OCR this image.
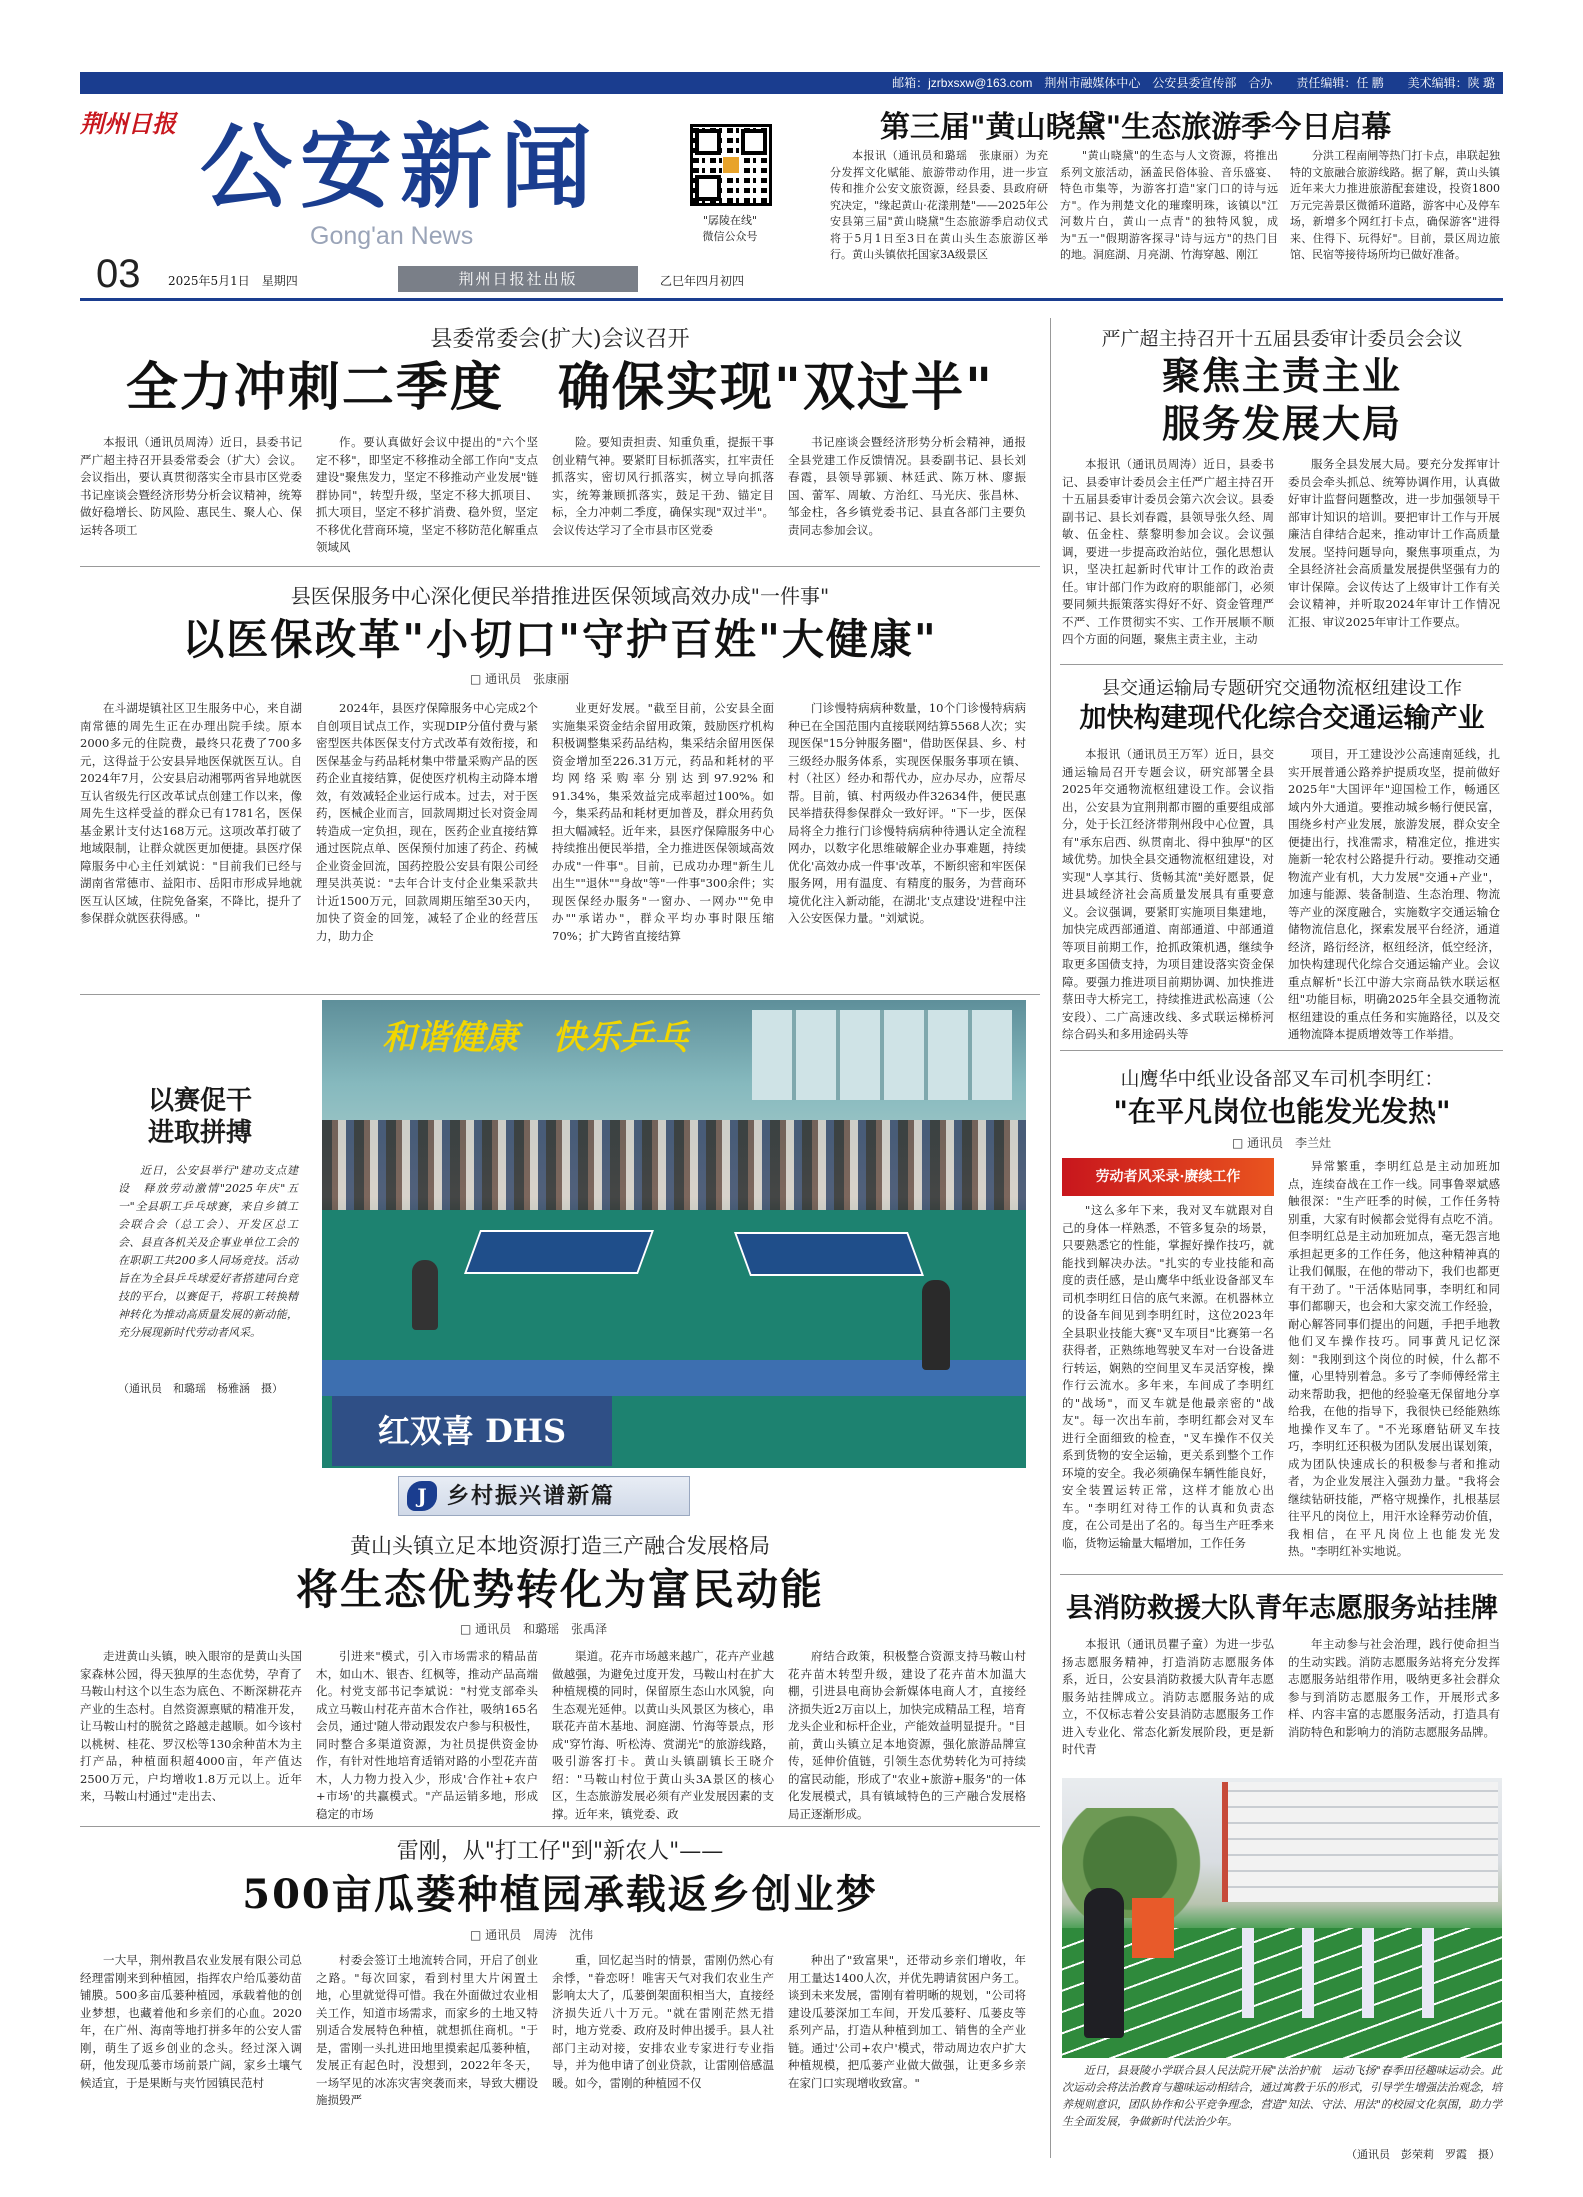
邮箱：jzrbxsxw@163.com　荆州市融媒体中心　公安县委宣传部　合办　　责任编辑：任 鹏　　美术编辑：陕 璐
荆州日报 公安新闻
Gong'an News
"孱陵在线"
微信公众号
03	2025年5月1日　星期四	荆州日报社出版	乙巳年四月初四
第三届"黄山晓黛"生态旅游季今日启幕
本报讯（通讯员和璐瑶　张康丽）为充分发挥文化赋能、旅游带动作用，进一步宣传和推介公安文旅资源，经县委、县政府研究决定，"缘起黄山·花漾荆楚"——2025年公安县第三届"黄山晓黛"生态旅游季启动仪式将于5月1日至3日在黄山头生态旅游区举行。黄山头镇依托国家3A级景区
"黄山晓黛"的生态与人文资源，将推出系列文旅活动，涵盖民俗体验、音乐盛宴、特色市集等，为游客打造"家门口的诗与远方"。作为荆楚文化的璀璨明珠，该镇以"江河数片白，黄山一点青"的独特风貌，成为"五一"假期游客探寻"诗与远方"的热门目的地。洞庭湖、月亮湖、竹海穿越、刚江
分洪工程南闸等热门打卡点，串联起独特的文旅融合旅游线路。据了解，黄山头镇近年来大力推进旅游配套建设，投资1800万元完善景区微循环道路，游客中心及停车场，新增多个网红打卡点，确保游客"进得来、住得下、玩得好"。目前，景区周边旅馆、民宿等接待场所均已做好准备。
县委常委会(扩大)会议召开
全力冲刺二季度　确保实现"双过半"
本报讯（通讯员周涛）近日，县委书记严广超主持召开县委常委会（扩大）会议。会议指出，要认真贯彻落实全市县市区党委书记座谈会暨经济形势分析会议精神，统筹做好稳增长、防风险、惠民生、聚人心、保运转各项工
作。要认真做好会议中提出的"六个坚定不移"，即坚定不移推动全部工作向"支点建设"聚焦发力，坚定不移推动产业发展"链群协同"，转型升级，坚定不移大抓项目、抓大项目，坚定不移扩消费、稳外贸，坚定不移优化营商环境，坚定不移防范化解重点领域风
险。要知责担责、知重负重，提振干事创业精气神。要紧盯目标抓落实，扛牢责任抓落实，密切风行抓落实，树立导向抓落实，统筹兼顾抓落实，鼓足干劲、锚定目标，全力冲刺二季度，确保实现"双过半"。会议传达学习了全市县市区党委
书记座谈会暨经济形势分析会精神，通报全县党建工作反馈情况。县委副书记、县长刘春霞，县领导郭颍、林廷武、陈万林、廖振国、蕾军、周敏、方治红、马光庆、张昌林、邹金柱，各乡镇党委书记、县直各部门主要负责同志参加会议。
严广超主持召开十五届县委审计委员会会议
聚焦主责主业
服务发展大局
本报讯（通讯员周涛）近日，县委书记、县委审计委员会主任严广超主持召开十五届县委审计委员会第六次会议。县委副书记、县长刘春霞，县领导张久经、周敏、伍金柱、蔡黎明参加会议。会议强调，要进一步提高政治站位，强化思想认识，坚决扛起新时代审计工作的政治责任。审计部门作为政府的职能部门，必须要同频共振策落实得好不好、资金管理严不严、工作贯彻实不实、工作开展顺不顺四个方面的问题，聚焦主责主业，主动
服务全县发展大局。要充分发挥审计委员会牵头抓总、统筹协调作用，认真做好审计监督问题整改，进一步加强领导干部审计知识的培训。要把审计工作与开展廉洁自律结合起来，推动审计工作高质量发展。坚持问题导向，聚焦事项重点，为全县经济社会高质量发展提供坚强有力的审计保障。会议传达了上级审计工作有关会议精神，并听取2024年审计工作情况汇报、审议2025年审计工作要点。
县医保服务中心深化便民举措推进医保领域高效办成"一件事"
以医保改革"小切口"守护百姓"大健康"
□ 通讯员　张康丽
在斗湖堤镇社区卫生服务中心，来自湖南常德的周先生正在办理出院手续。原本2000多元的住院费，最终只花费了700多元，这得益于公安县异地医保就医互认。自2024年7月，公安县启动湘鄂两省异地就医互认省级先行区改革试点创建工作以来，像周先生这样受益的群众已有1781名，医保基金累计支付达168万元。这项改革打破了地域限制，让群众就医更加便捷。县医疗保障服务中心主任刘斌说："目前我们已经与湖南省常德市、益阳市、岳阳市形成异地就医互认区域，住院免备案，不降比，提升了参保群众就医获得感。"
2024年，县医疗保障服务中心完成2个自创项目试点工作，实现DIP分值付费与紧密型医共体医保支付方式改革有效衔接，和医保基金与药品耗材集中带量采购产品的医药企业直接结算，促使医疗机构主动降本增效，有效减轻企业运行成本。过去，对于医药，医械企业而言，回款周期过长对资金周转造成一定负担，现在，医药企业直接结算通过医院点单、医保预付加速了药企、药械企业资金回流，国药控股公安县有限公司经理吴洪英说："去年合计支付企业集采款共计近1500万元，回款周期压缩至30天内，加快了资金的回笼，减轻了企业的经营压力，助力企
业更好发展。"截至目前，公安县全面实施集采资金结余留用政策，鼓励医疗机构积极调整集采药品结构，集采结余留用医保资金增加至226.31万元，药品和耗材的平均网络采购率分别达到97.92%和91.34%，集采效益完成率超过100%。如今，集采药品和耗材更加普及，群众用药负担大幅减轻。近年来，县医疗保障服务中心持续推出便民举措，全力推进医保领域高效办成"一件事"。目前，已成功办理"新生儿出生""退休""身故"等"一件事"300余件；实现医保经办服务"一窗办、一网办""免申办""承诺办"，群众平均办事时限压缩70%；扩大跨省直接结算
门诊慢特病病种数量，10个门诊慢特病病种已在全国范围内直接联网结算5568人次；实现医保"15分钟服务圈"，借助医保县、乡、村三级经办服务体系，实现医保服务事项在镇、村（社区）经办和帮代办，应办尽办，应帮尽帮。目前，镇、村两级办件32634件，便民惠民举措获得参保群众一致好评。"下一步，医保局将全力推行门诊慢特病病种待遇认定全流程网办，以数字化思维破解企业办事难题，持续优化'高效办成一件事'改革，不断织密和牢医保服务网，用有温度、有精度的服务，为营商环境优化注入新动能，在湖北'支点建设'进程中注入公安医保力量。"刘斌说。
县交通运输局专题研究交通物流枢纽建设工作
加快构建现代化综合交通运输产业
本报讯（通讯员王万军）近日，县交通运输局召开专题会议，研究部署全县2025年交通物流枢纽建设工作。会议指出，公安县为宜荆荆都市圈的重要组成部分，处于长江经济带荆州段中心位置，具有"承东启西、纵贯南北、得中独厚"的区域优势。加快全县交通物流枢纽建设，对实现"人享其行、货畅其流"美好愿景，促进县域经济社会高质量发展具有重要意义。会议强调，要紧盯实施项目集建地，加快完成西部通道、南部通道、中部通道等项目前期工作，抢抓政策机遇，继续争取更多国债支持，为项目建设落实资金保障。要强力推进项目前期协调、加快推进蔡田寺大桥完工，持续推进武松高速（公安段）、二广高速改线、多式联运梯桥河综合码头和多用途码头等
项目，开工建设沙公高速南延线，扎实开展普通公路养护提质攻坚，提前做好2025年"大国评年"迎国检工作，畅通区域内外大通道。要推动城乡畅行便民富，围绕乡村产业发展，旅游发展，群众安全便捷出行，找准需求，精准定位，推进实施新一轮农村公路提升行动。要推动交通物流产业有机，大力发展"交通+产业"，加速与能源、装备制造、生态治理、物流等产业的深度融合，实施数字交通运输仓储物流信息化，探索发展平台经济，通道经济，路衍经济，枢纽经济，低空经济，加快构建现代化综合交通运输产业。会议重点解析"长江中游大宗商品铁水联运枢纽"功能目标，明确2025年全县交通物流枢纽建设的重点任务和实施路径，以及交通物流降本提质增效等工作举措。
以赛促干
进取拼搏
近日，公安县举行"建功支点建设　释放劳动激情"2025年庆"五一"全县职工乒乓球赛，来自乡镇工会联合会（总工会）、开发区总工会、县直各机关及企事业单位工会的在职职工共200多人同场竞技。活动旨在为全县乒乓球爱好者搭建同台竞技的平台，以赛促干，将职工转换精神转化为推动高质量发展的新动能，充分展现新时代劳动者风采。
（通讯员　和璐瑶　杨雅涵　摄）
和谐健康　快乐乒乓
红双喜 DHS
山鹰华中纸业设备部叉车司机李明红：
"在平凡岗位也能发光发热"
□ 通讯员　李兰灶
劳动者风采录·赓续工作
"这么多年下来，我对叉车就跟对自己的身体一样熟悉，不管多复杂的场景，只要熟悉它的性能，掌握好操作技巧，就能找到解决办法。"扎实的专业技能和高度的责任感，是山鹰华中纸业设备部叉车司机李明红日信的底气来源。在机器林立的设备车间见到李明红时，这位2023年全县职业技能大赛"叉车项目"比赛第一名获得者，正熟练地驾驶叉车对一台设备进行转运，娴熟的空间里叉车灵活穿梭，操作行云流水。多年来，车间成了李明红的"战场"，而叉车就是他最亲密的"战友"。每一次出车前，李明红都会对叉车进行全面细致的检查，"叉车操作不仅关系到货物的安全运输，更关系到整个工作环境的安全。我必须确保车辆性能良好，安全装置运转正常，这样才能放心出车。"李明红对待工作的认真和负责态度，在公司是出了名的。每当生产旺季来临，货物运输量大幅增加，工作任务
异常繁重，李明红总是主动加班加点，连续奋战在工作一线。同事鲁翠斌感触很深："生产旺季的时候，工作任务特别重，大家有时候都会觉得有点吃不消。但李明红总是主动加班加点，毫无怨言地承担起更多的工作任务，他这种精神真的让我们佩服，在他的带动下，我们也都更有干劲了。"干活体贴同事，李明红和同事们都聊天，也会和大家交流工作经验，耐心解答同事们提出的问题，手把手地教他们叉车操作技巧。同事黄凡记忆深刻："我刚到这个岗位的时候，什么都不懂，心里特别着急。多亏了李师傅经常主动来帮助我，把他的经验毫无保留地分享给我，在他的指导下，我很快已经能熟练地操作叉车了。"不光琢磨钻研叉车技巧，李明红还积极为团队发展出谋划策，成为团队快速成长的积极参与者和推动者，为企业发展注入强劲力量。"我将会继续钻研技能，严格守规操作，扎根基层往平凡的岗位上，用汗水诠释劳动价值，我相信，在平凡岗位上也能发光发热。"李明红补实地说。
J 乡村振兴谱新篇
黄山头镇立足本地资源打造三产融合发展格局
将生态优势转化为富民动能
□ 通讯员　和璐瑶　张禹泽
走进黄山头镇，映入眼帘的是黄山头国家森林公园，得天独厚的生态优势，孕育了马鞍山村这个以生态为底色、不断深耕花卉产业的生态村。自然资源禀赋的精准开发，让马鞍山村的脱贫之路越走越顺。如今该村以桃树、桂花、罗汉松等130余种苗木为主打产品，种植面积超4000亩，年产值达2500万元，户均增收1.8万元以上。近年来，马鞍山村通过"走出去、
引进来"模式，引入市场需求的精品苗木，如山木、银杏、红枫等，推动产品高端化。村党支部书记李斌说："村党支部牵头成立马鞍山村花卉苗木合作社，吸纳165名会员，通过'随人带动跟发农户参与积极性，同时整合多渠道资源，为社员提供资金协作，有针对性地培育适销对路的小型花卉苗木，人力物力投入少，形成'合作社+农户+市场'的共赢模式。"产品运销多地，形成稳定的市场
渠道。花卉市场越来越广，花卉产业越做越强，为避免过度开发，马鞍山村在扩大种植规模的同时，保留原生态山水风貌，向生态观光延伸。以黄山头风景区为核心，串联花卉苗木基地、洞庭湖、竹海等景点，形成"穿竹海、听松涛、赏湖光"的旅游线路，吸引游客打卡。黄山头镇副镇长王晓介绍："马鞍山村位于黄山头3A景区的核心区，生态旅游发展必须有产业发展因素的支撑。近年来，镇党委、政
府结合政策，积极整合资源支持马鞍山村花卉苗木转型升级，建设了花卉苗木加温大棚，引进县电商协会新媒体电商人才，直接经济损失近2万亩以上，加快完成精品工程，培育龙头企业和标杆企业，产能效益明显提升。"目前，黄山头镇立足本地资源，强化旅游品牌宣传，延伸价值链，引领生态优势转化为可持续的富民动能，形成了"农业+旅游+服务"的一体化发展模式，具有镇域特色的三产融合发展格局正逐渐形成。
雷刚，从"打工仔"到"新农人"——
500亩瓜蒌种植园承载返乡创业梦
□ 通讯员　周涛　沈伟
一大早，荆州教昌农业发展有限公司总经理雷刚来到种植园，指挥农户给瓜蒌幼苗铺膜。500多亩瓜蒌种植园，承载着他的创业梦想，也藏着他和乡亲们的心血。2020年，在广州、海南等地打拼多年的公安人雷刚，萌生了返乡创业的念头。经过深入调研，他发现瓜蒌市场前景广阔，家乡土壤气候适宜，于是果断与夹竹园镇民范村
村委会签订土地流转合同，开启了创业之路。"每次回家，看到村里大片闲置土地，心里就觉得可惜。我在外面做过农业相关工作，知道市场需求，而家乡的土地又特别适合发展特色种植，就想抓住商机。"于是，雷刚一头扎进田地里摸索起瓜蒌种植，发展正有起色时，没想到，2022年冬天，一场罕见的冰冻灾害突袭而来，导致大棚设施损毁严
重，回忆起当时的情景，雷刚仍然心有余悸，"眷恋呀！唯害天气对我们农业生产影响太大了，瓜蒌倒架面积相当大，直接经济损失近八十万元。"就在雷刚茫然无措时，地方党委、政府及时伸出援手。县人社部门主动对接，安排农业专家进行专业指导，并为他申请了创业贷款，让雷刚倍感温暖。如今，雷刚的种植园不仅
种出了"致富果"，还带动乡亲们增收，年用工量达1400人次，并优先聘请贫困户务工。谈到未来发展，雷刚有着明晰的规划，"公司将建设瓜蒌深加工车间，开发瓜蒌籽、瓜蒌皮等系列产品，打造从种植到加工、销售的全产业链。通过'公司+农户'模式，带动周边农户扩大种植规模，把瓜蒌产业做大做强，让更多乡亲在家门口实现增收致富。"
县消防救援大队青年志愿服务站挂牌
本报讯（通讯员瞿子童）为进一步弘扬志愿服务精神，打造消防志愿服务体系，近日，公安县消防救援大队青年志愿服务站挂牌成立。消防志愿服务站的成立，不仅标志着公安县消防志愿服务工作进入专业化、常态化新发展阶段，更是新时代青
年主动参与社会治理，践行使命担当的生动实践。消防志愿服务站将充分发挥志愿服务站组带作用，吸纳更多社会群众参与到消防志愿服务工作，开展形式多样、内容丰富的志愿服务活动，打造具有消防特色和影响力的消防志愿服务品牌。
近日，县聂陵小学联合县人民法院开展"法治护航　运动飞扬"春季田径趣味运动会。此次运动会将法治教育与趣味运动相结合，通过寓教于乐的形式，引导学生增强法治观念，培养规则意识，团队协作和公平竞争理念，营造"知法、守法、用法"的校园文化氛围，助力学生全面发展，争做新时代法治少年。
（通讯员　彭荣莉　罗霞　摄）
